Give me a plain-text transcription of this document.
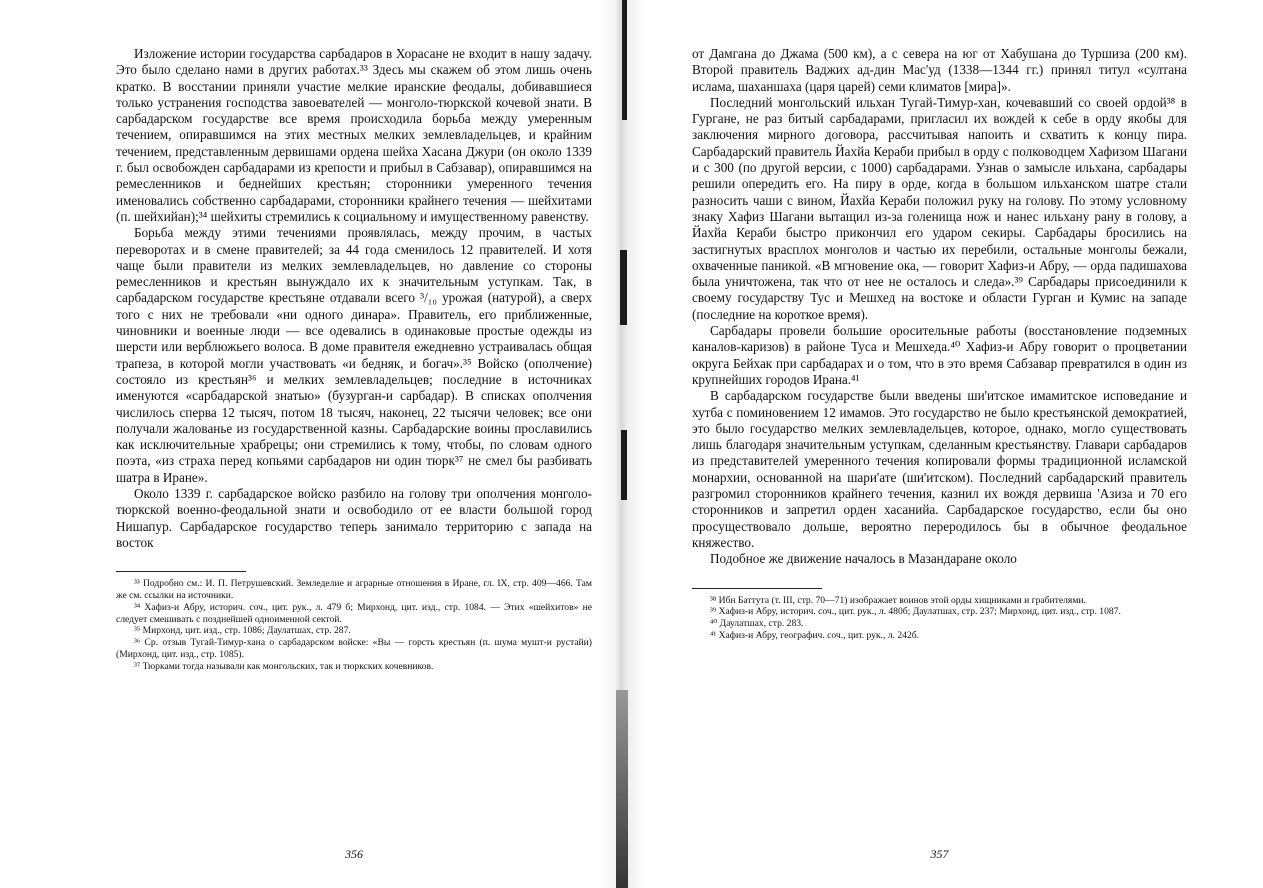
Изложение истории государства сарбадаров в Хорасане не входит в нашу задачу. Это было сделано нами в других работах.³³ Здесь мы скажем об этом лишь очень кратко. В восстании приняли участие мелкие иранские феодалы, добивавшиеся только устранения господства завоевателей — монголо-тюркской кочевой знати. В сарбадарском государстве все время происходила борьба между умеренным течением, опиравшимся на этих местных мелких землевладельцев, и крайним течением, представленным дервишами ордена шейха Хасана Джури (он около 1339 г. был освобожден сарбадарами из крепости и прибыл в Сабзавар), опиравшимся на ремесленников и беднейших крестьян; сторонники умеренного течения именовались собственно сарбадарами, сторонники крайнего течения — шейхитами (п. шейхийан);³⁴ шейхиты стремились к социальному и имущественному равенству.

Борьба между этими течениями проявлялась, между прочим, в частых переворотах и в смене правителей; за 44 года сменилось 12 правителей. И хотя чаще были правители из мелких землевладельцев, но давление со стороны ремесленников и крестьян вынуждало их к значительным уступкам. Так, в сарбадарском государстве крестьяне отдавали всего ³/₁₀ урожая (натурой), а сверх того с них не требовали «ни одного динара». Правитель, его приближенные, чиновники и военные люди — все одевались в одинаковые простые одежды из шерсти или верблюжьего волоса. В доме правителя ежедневно устраивалась общая трапеза, в которой могли участвовать «и бедняк, и богач».³⁵ Войско (ополчение) состояло из крестьян³⁶ и мелких землевладельцев; последние в источниках именуются «сарбадарской знатью» (бузурган-и сарбадар). В списках ополчения числилось сперва 12 тысяч, потом 18 тысяч, наконец, 22 тысячи человек; все они получали жалованье из государственной казны. Сарбадарские воины прославились как исключительные храбрецы; они стремились к тому, чтобы, по словам одного поэта, «из страха перед копьями сарбадаров ни один тюрк³⁷ не смел бы разбивать шатра в Иране».

Около 1339 г. сарбадарское войско разбило на голову три ополчения монголо-тюркской военно-феодальной знати и освободило от ее власти большой город Нишапур. Сарбадарское государство теперь занимало территорию с запада на восток

³³ Подробно см.: И. П. Петрушевский. Земледелие и аграрные отношения в Иране, гл. IX, стр. 409—466. Там же см. ссылки на источники.

³⁴ Хафиз-и Абру, историч. соч., цит. рук., л. 479 б; Мирхонд, цит. изд., стр. 1084. — Этих «шейхитов» не следует смешивать с позднейшей одноименной сектой.

³⁵ Мирхонд, цит. изд., стр. 1086; Даулатшах, стр. 287.

³⁶ Ср. отзыв Тугай-Тимур-хана о сарбадарском войске: «Вы — горсть крестьян (п. шума мушт-и рустайи) (Мирхонд, цит. изд., стр. 1085).

³⁷ Тюрками тогда называли как монгольских, так и тюркских кочевников.

356

от Дамгана до Джама (500 км), а с севера на юг от Хабушана до Туршиза (200 км). Второй правитель Ваджих ад-дин Мас'уд (1338—1344 гг.) принял титул «султана ислама, шаханшаха (царя царей) семи климатов [мира]».

Последний монгольский ильхан Тугай-Тимур-хан, кочевавший со своей ордой³⁸ в Гургане, не раз битый сарбадарами, пригласил их вождей к себе в орду якобы для заключения мирного договора, рассчитывая напоить и схватить к концу пира. Сарбадарский правитель Йахйа Кераби прибыл в орду с полководцем Хафизом Шагани и с 300 (по другой версии, с 1000) сарбадарами. Узнав о замысле ильхана, сарбадары решили опередить его. На пиру в орде, когда в большом ильханском шатре стали разносить чаши с вином, Йахйа Кераби положил руку на голову. По этому условному знаку Хафиз Шагани вытащил из-за голенища нож и нанес ильхану рану в голову, а Йахйа Кераби быстро прикончил его ударом секиры. Сарбадары бросились на застигнутых врасплох монголов и частью их перебили, остальные монголы бежали, охваченные паникой. «В мгновение ока, — говорит Хафиз-и Абру, — орда падишахова была уничтожена, так что от нее не осталось и следа».³⁹ Сарбадары присоединили к своему государству Тус и Мешхед на востоке и области Гурган и Кумис на западе (последние на короткое время).

Сарбадары провели большие оросительные работы (восстановление подземных каналов-каризов) в районе Туса и Мешхеда.⁴⁰ Хафиз-и Абру говорит о процветании округа Бейхак при сарбадарах и о том, что в это время Сабзавар превратился в один из крупнейших городов Ирана.⁴¹

В сарбадарском государстве были введены ши'итское имамитское исповедание и хутба с поминовением 12 имамов. Это государство не было крестьянской демократией, это было государство мелких землевладельцев, которое, однако, могло существовать лишь благодаря значительным уступкам, сделанным крестьянству. Главари сарбадаров из представителей умеренного течения копировали формы традиционной исламской монархии, основанной на шари'ате (ши'итском). Последний сарбадарский правитель разгромил сторонников крайнего течения, казнил их вождя дервиша 'Азиза и 70 его сторонников и запретил орден хасанийа. Сарбадарское государство, если бы оно просуществовало дольше, вероятно переродилось бы в обычное феодальное княжество.

Подобное же движение началось в Мазандаране около

³⁸ Ибн Баттута (т. III, стр. 70—71) изображает воинов этой орды хищниками и грабителями.

³⁹ Хафиз-и Абру, историч. соч., цит. рук., л. 480б; Даулатшах, стр. 237; Мирхонд, цит. изд., стр. 1087.

⁴⁰ Даулатшах, стр. 283.

⁴¹ Хафиз-и Абру, географич. соч., цит. рук., л. 242б.

357
